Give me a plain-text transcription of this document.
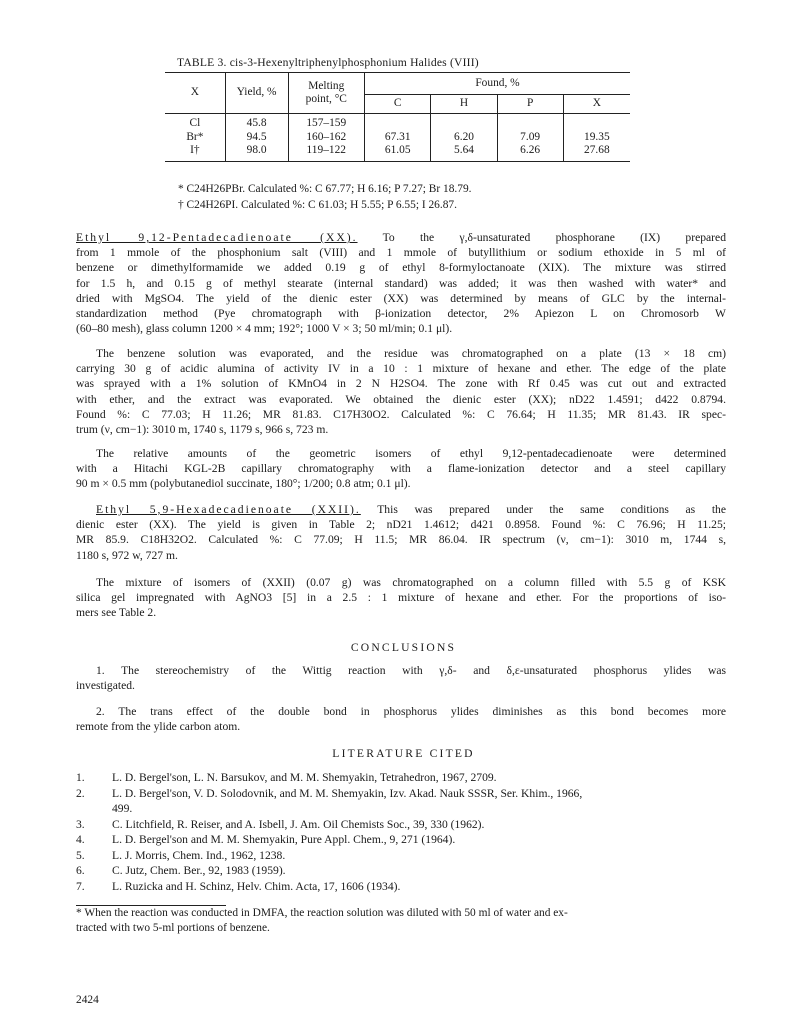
TABLE 3. cis-3-Hexenyltriphenylphosphonium Halides (VIII)
X	Yield, %	Melting
point, °C	Found, %			
			C	H	P	X
Cl	45.8	157–159				
Br*	94.5	160–162	67.31	6.20	7.09	19.35
I†	98.0	119–122	61.05	5.64	6.26	27.68
* C24H26PBr. Calculated %: C 67.77; H 6.16; P 7.27; Br 18.79.
† C24H26PI. Calculated %: C 61.03; H 5.55; P 6.55; I 26.87.
Ethyl 9,12-Pentadecadienoate (XX). To the γ,δ-unsaturated phosphorane (IX) prepared
from 1 mmole of the phosphonium salt (VIII) and 1 mmole of butyllithium or sodium ethoxide in 5 ml of
benzene or dimethylformamide we added 0.19 g of ethyl 8-formyloctanoate (XIX). The mixture was stirred
for 1.5 h, and 0.15 g of methyl stearate (internal standard) was added; it was then washed with water* and
dried with MgSO4. The yield of the dienic ester (XX) was determined by means of GLC by the internal-
standardization method (Pye chromatograph with β-ionization detector, 2% Apiezon L on Chromosorb W
(60–80 mesh), glass column 1200 × 4 mm; 192°; 1000 V × 3; 50 ml/min; 0.1 μl).
The benzene solution was evaporated, and the residue was chromatographed on a plate (13 × 18 cm)
carrying 30 g of acidic alumina of activity IV in a 10 : 1 mixture of hexane and ether. The edge of the plate
was sprayed with a 1% solution of KMnO4 in 2 N H2SO4. The zone with Rf 0.45 was cut out and extracted
with ether, and the extract was evaporated. We obtained the dienic ester (XX); nD22 1.4591; d422 0.8794.
Found %: C 77.03; H 11.26; MR 81.83. C17H30O2. Calculated %: C 76.64; H 11.35; MR 81.43. IR spec-
trum (ν, cm−1): 3010 m, 1740 s, 1179 s, 966 s, 723 m.
The relative amounts of the geometric isomers of ethyl 9,12-pentadecadienoate were determined
with a Hitachi KGL-2B capillary chromatography with a flame-ionization detector and a steel capillary
90 m × 0.5 mm (polybutanediol succinate, 180°; 1/200; 0.8 atm; 0.1 μl).
Ethyl 5,9-Hexadecadienoate (XXII). This was prepared under the same conditions as the
dienic ester (XX). The yield is given in Table 2; nD21 1.4612; d421 0.8958. Found %: C 76.96; H 11.25;
MR 85.9. C18H32O2. Calculated %: C 77.09; H 11.5; MR 86.04. IR spectrum (ν, cm−1): 3010 m, 1744 s,
1180 s, 972 w, 727 m.
The mixture of isomers of (XXII) (0.07 g) was chromatographed on a column filled with 5.5 g of KSK
silica gel impregnated with AgNO3 [5] in a 2.5 : 1 mixture of hexane and ether. For the proportions of iso-
mers see Table 2.
CONCLUSIONS
1. The stereochemistry of the Wittig reaction with γ,δ- and δ,ε-unsaturated phosphorus ylides was
investigated.
2. The trans effect of the double bond in phosphorus ylides diminishes as this bond becomes more
remote from the ylide carbon atom.
LITERATURE CITED
1. L. D. Bergel'son, L. N. Barsukov, and M. M. Shemyakin, Tetrahedron, 1967, 2709.
2. L. D. Bergel'son, V. D. Solodovnik, and M. M. Shemyakin, Izv. Akad. Nauk SSSR, Ser. Khim., 1966,
499.
3. C. Litchfield, R. Reiser, and A. Isbell, J. Am. Oil Chemists Soc., 39, 330 (1962).
4. L. D. Bergel'son and M. M. Shemyakin, Pure Appl. Chem., 9, 271 (1964).
5. L. J. Morris, Chem. Ind., 1962, 1238.
6. C. Jutz, Chem. Ber., 92, 1983 (1959).
7. L. Ruzicka and H. Schinz, Helv. Chim. Acta, 17, 1606 (1934).
* When the reaction was conducted in DMFA, the reaction solution was diluted with 50 ml of water and ex-
tracted with two 5-ml portions of benzene.
2424
